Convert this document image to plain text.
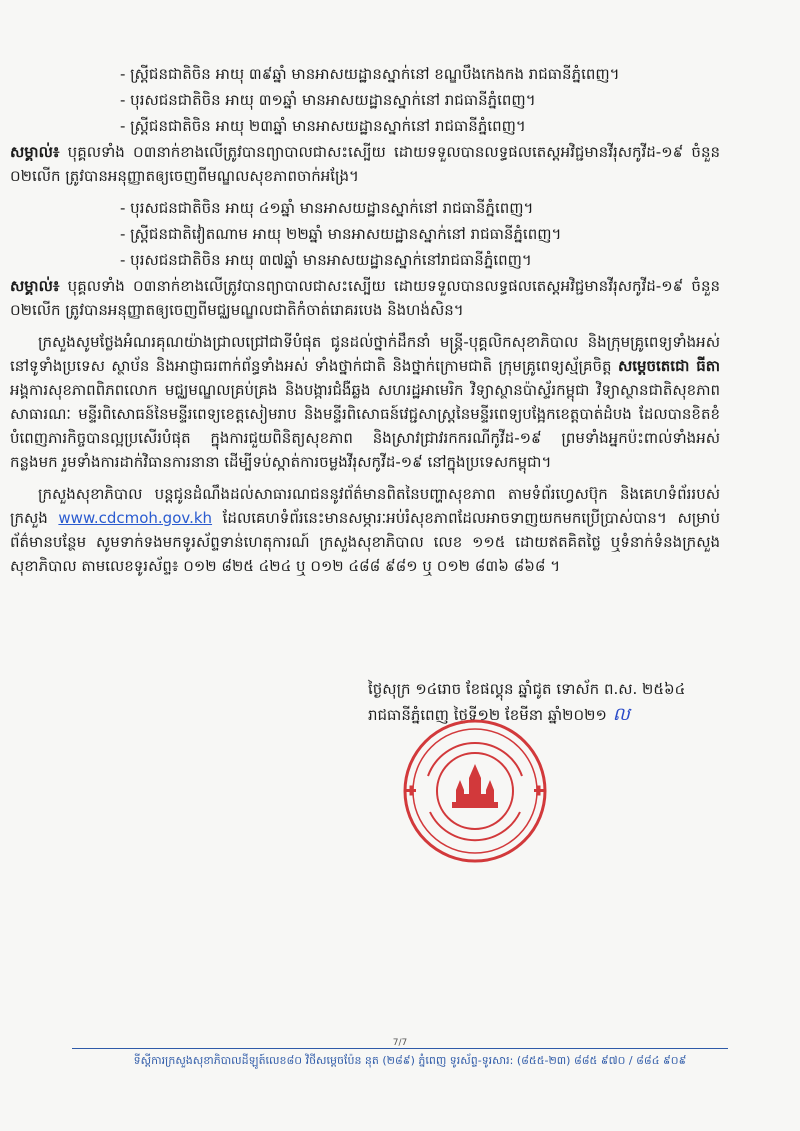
- ស្ត្រីជនជាតិចិន អាយុ ៣៩ឆ្នាំ មានអាសយដ្ឋានស្នាក់នៅ ខណ្ឌបឹងកេងកង រាជធានីភ្នំពេញ។
- បុរសជនជាតិចិន អាយុ ៣១ឆ្នាំ មានអាសយដ្ឋានស្នាក់នៅ រាជធានីភ្នំពេញ។
- ស្ត្រីជនជាតិចិន អាយុ ២៣ឆ្នាំ មានអាសយដ្ឋានស្នាក់នៅ រាជធានីភ្នំពេញ។
សម្គាល់៖ បុគ្គលទាំង ០៣នាក់ខាងលើត្រូវបានព្យាបាលជាសះស្បើយ ដោយទទួលបានលទ្ធផលតេស្តអវិជ្ជមានវីរុសកូវីដ-១៩ ចំនួន ០២លើក ត្រូវបានអនុញ្ញាតឲ្យចេញពីមណ្ឌលសុខភាពចាក់អង្រែ។
- បុរសជនជាតិចិន អាយុ ៤១ឆ្នាំ មានអាសយដ្ឋានស្នាក់នៅ រាជធានីភ្នំពេញ។
- ស្ត្រីជនជាតិវៀតណាម អាយុ ២២ឆ្នាំ មានអាសយដ្ឋានស្នាក់នៅ រាជធានីភ្នំពេញ។
- បុរសជនជាតិចិន អាយុ ៣៧ឆ្នាំ មានអាសយដ្ឋានស្នាក់នៅរាជធានីភ្នំពេញ។
សម្គាល់៖ បុគ្គលទាំង ០៣នាក់ខាងលើត្រូវបានព្យាបាលជាសះស្បើយ ដោយទទួលបានលទ្ធផលតេស្តអវិជ្ជមានវីរុសកូវីដ-១៩ ចំនួន ០២លើក ត្រូវបានអនុញ្ញាតឲ្យចេញពីមជ្ឈមណ្ឌលជាតិកំចាត់រោគរបេង និងហង់សិន។
ក្រសួងសូមថ្លែងអំណរគុណយ៉ាងជ្រាលជ្រៅជាទីបំផុត ជូនដល់ថ្នាក់ដឹកនាំ មន្ត្រី-បុគ្គលិកសុខាភិបាល និងក្រុមគ្រូពេទ្យទាំងអស់នៅទូទាំងប្រទេស ស្ថាប័ន និងអាជ្ញាធរពាក់ព័ន្ធទាំងអស់ ទាំងថ្នាក់ជាតិ និងថ្នាក់ក្រោមជាតិ ក្រុមគ្រូពេទ្យស្ម័គ្រចិត្ត សម្តេចតេជោ ធីតា អង្គការសុខភាពពិភពលោក មជ្ឈមណ្ឌលគ្រប់គ្រង និងបង្ការជំងឺឆ្លង សហរដ្ឋអាមេរិក វិទ្យាស្ថានប៉ាស្ទ័រកម្ពុជា វិទ្យាស្ថានជាតិសុខភាពសាធារណៈ មន្ទីរពិសោធន៍នៃមន្ទីរពេទ្យខេត្តសៀមរាប និងមន្ទីរពិសោធន៍វេជ្ជសាស្ត្រនៃមន្ទីរពេទ្យបង្អែកខេត្តបាត់ដំបង ដែលបានខិតខំបំពេញភារកិច្ចបានល្អប្រសើរបំផុត ក្នុងការជួយពិនិត្យសុខភាព និងស្រាវជ្រាវរកករណីកូវីដ-១៩ ព្រមទាំងអ្នកប៉ះពាល់ទាំងអស់កន្លងមក រួមទាំងការដាក់វិធានការនានា ដើម្បីទប់ស្កាត់ការចម្លងវីរុសកូវីដ-១៩ នៅក្នុងប្រទេសកម្ពុជា។
ក្រសួងសុខាភិបាល បន្តជូនដំណឹងដល់សាធារណជននូវព័ត៌មានពិតនៃបញ្ហាសុខភាព តាមទំព័រហ្វេសប៊ុក និងគេហទំព័ររបស់ក្រសួង www.cdcmoh.gov.kh ដែលគេហទំព័រនេះមានសម្ភារៈអប់រំសុខភាពដែលអាចទាញយកមកប្រើប្រាស់បាន។ សម្រាប់ព័ត៌មានបន្ថែម សូមទាក់ទងមកទូរស័ព្ទទាន់ហេតុការណ៍ ក្រសួងសុខាភិបាល លេខ ១១៥ ដោយឥតគិតថ្លៃ ឬទំនាក់ទំនងក្រសួងសុខាភិបាល តាមលេខទូរស័ព្ទ៖ ០១២ ៨២៥ ៤២៤ ឬ ០១២ ៤៨៨ ៩៨១ ឬ ០១២ ៨៣៦ ៨៦៨ ។
ថ្ងៃសុក្រ ១៤រោច ខែផល្គុន ឆ្នាំជូត ទោស័ក ព.ស. ២៥៦៤
រាជធានីភ្នំពេញ ថ្ងៃទី១២ ខែមីនា ឆ្នាំ២០២១ ល
7/7
ទីស្តីការក្រសួងសុខាភិបាលដីឡូត៍លេខ៨០ វិថីសម្តេចប៉ែន នុត (២៨៩) ភ្នំពេញ ទូរស័ព្ទ-ទូរសារ: (៨៥៥-២៣) ៨៨៥ ៩៧០ / ៨៨៤ ៩០៩
